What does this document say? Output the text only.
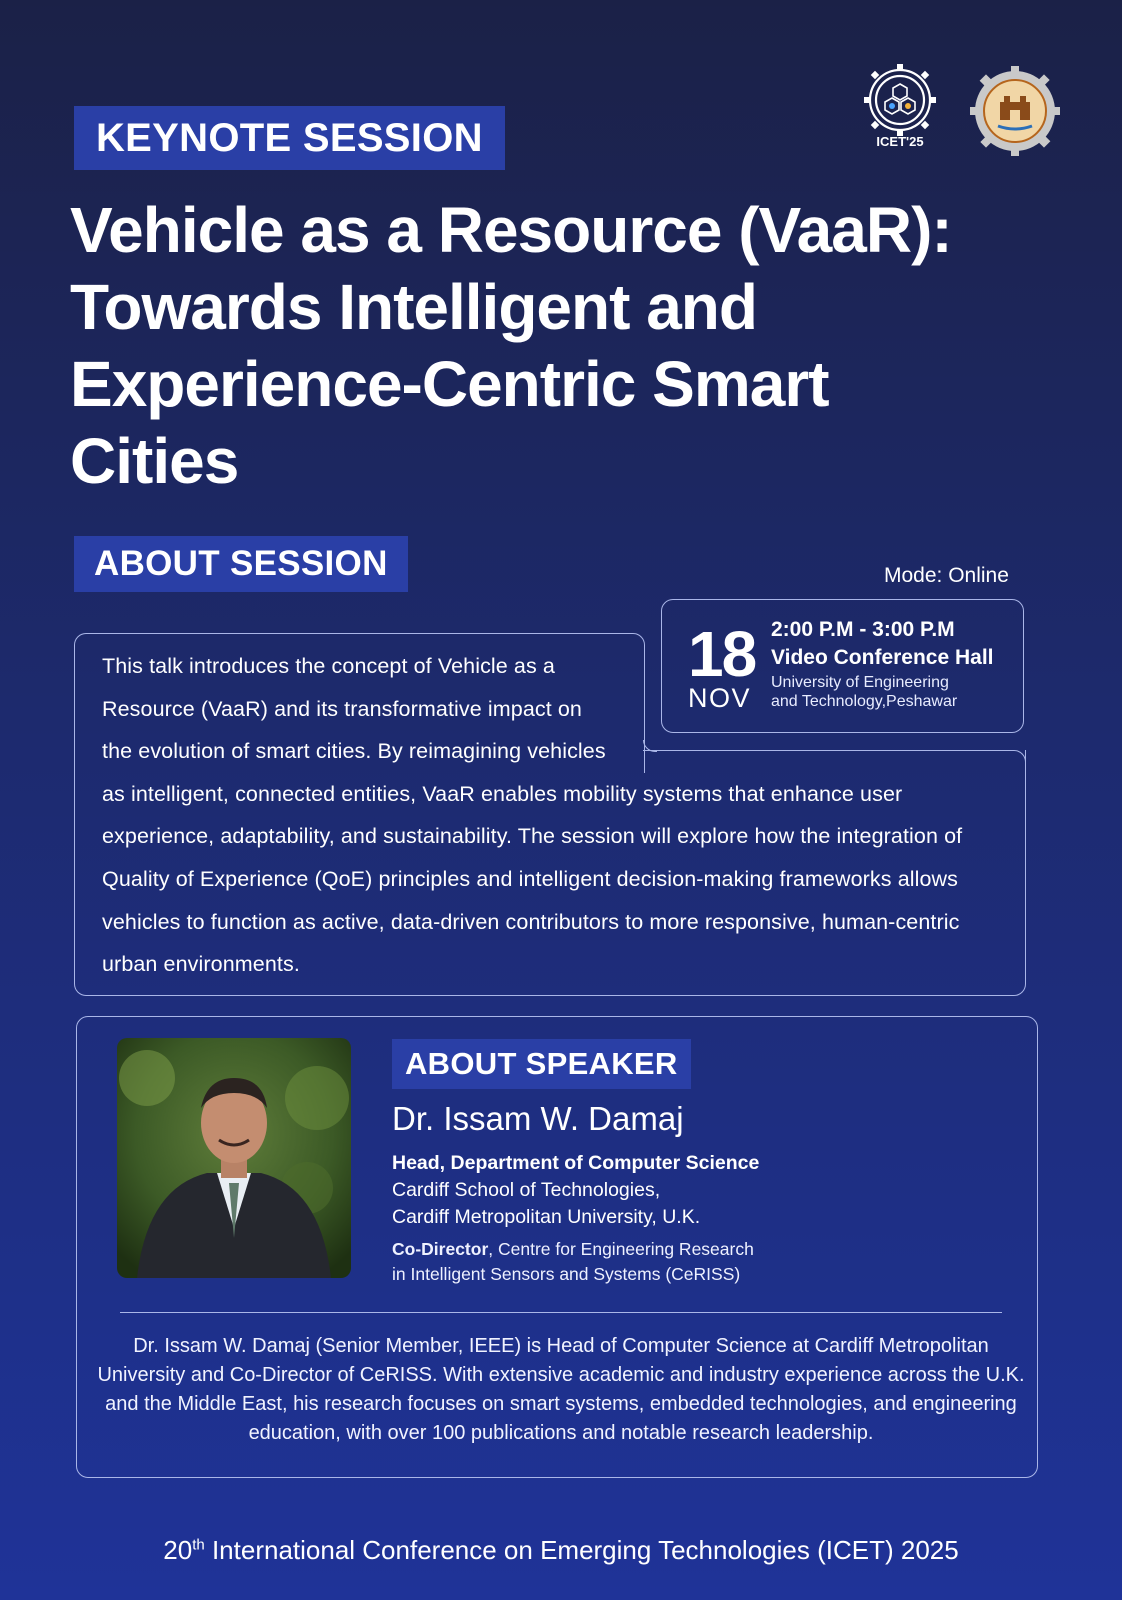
ICET'25
KEYNOTE SESSION
Vehicle as a Resource (VaaR):
Towards Intelligent and
Experience-Centric Smart
Cities
ABOUT SESSION	Mode: Online
This talk introduces the concept of Vehicle as a Resource (VaaR) and its transformative impact on the evolution of smart cities. By reimagining vehicles as intelligent, connected entities, VaaR enables mobility systems that enhance user experience, adaptability, and sustainability. The session will explore how the integration of Quality of Experience (QoE) principles and intelligent decision-making frameworks allows vehicles to function as active, data-driven contributors to more responsive, human-centric urban environments.
18
NOV
2:00 P.M - 3:00 P.M
Video Conference Hall
University of Engineering
and Technology,Peshawar
ABOUT SPEAKER
Dr. Issam W. Damaj
Head, Department of Computer Science
Cardiff School of Technologies,
Cardiff Metropolitan University, U.K.
Co-Director, Centre for Engineering Research
in Intelligent Sensors and Systems (CeRISS)
Dr. Issam W. Damaj (Senior Member, IEEE) is Head of Computer Science at Cardiff Metropolitan University and Co-Director of CeRISS. With extensive academic and industry experience across the U.K. and the Middle East, his research focuses on smart systems, embedded technologies, and engineering education, with over 100 publications and notable research leadership.
20th International Conference on Emerging Technologies (ICET) 2025
